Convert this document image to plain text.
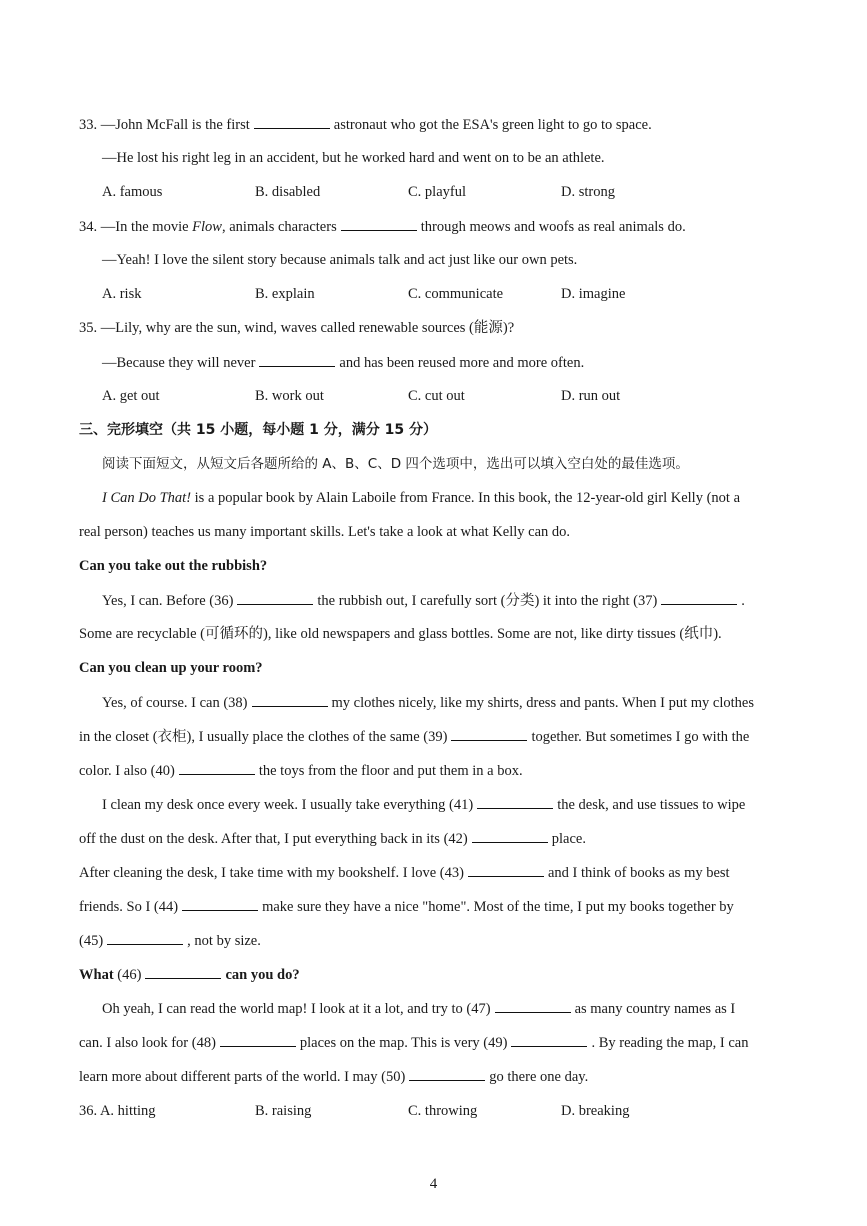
33. —John McFall is the first	astronaut who got the ESA's green light to go to space.
—He lost his right leg in an accident, but he worked hard and went on to be an athlete.
A. famous	B. disabled	C. playful	D. strong
34. —In the movie Flow, animals characters	through meows and woofs as real animals do.
—Yeah! I love the silent story because animals talk and act just like our own pets.
A. risk	B. explain	C. communicate	D. imagine
35. —Lily, why are the sun, wind, waves called renewable sources (能源)?
—Because they will never	and has been reused more and more often.
A. get out	B. work out	C. cut out	D. run out
三、完形填空（共 15 小题，每小题 1 分，满分 15 分）
阅读下面短文，从短文后各题所给的 A、B、C、D 四个选项中，选出可以填入空白处的最佳选项。
I Can Do That! is a popular book by Alain Laboile from France. In this book, the 12-year-old girl Kelly (not a
real person) teaches us many important skills. Let's take a look at what Kelly can do.
Can you take out the rubbish?
Yes, I can. Before (36)	the rubbish out, I carefully sort (分类) it into the right (37)	.
Some are recyclable (可循环的), like old newspapers and glass bottles. Some are not, like dirty tissues (纸巾).
Can you clean up your room?
Yes, of course. I can (38)	my clothes nicely, like my shirts, dress and pants. When I put my clothes
in the closet (衣柜), I usually place the clothes of the same (39)	together. But sometimes I go with the
color. I also (40)	the toys from the floor and put them in a box.
I clean my desk once every week. I usually take everything (41)	the desk, and use tissues to wipe
off the dust on the desk. After that, I put everything back in its (42)	place.
After cleaning the desk, I take time with my bookshelf. I love (43)	and I think of books as my best
friends. So I (44)	make sure they have a nice "home". Most of the time, I put my books together by
(45)	, not by size.
What (46)	can you do?
Oh yeah, I can read the world map! I look at it a lot, and try to (47)	as many country names as I
can. I also look for (48)	places on the map. This is very (49)	. By reading the map, I can
learn more about different parts of the world. I may (50)	go there one day.
36. A. hitting	B. raising	C. throwing	D. breaking
4
